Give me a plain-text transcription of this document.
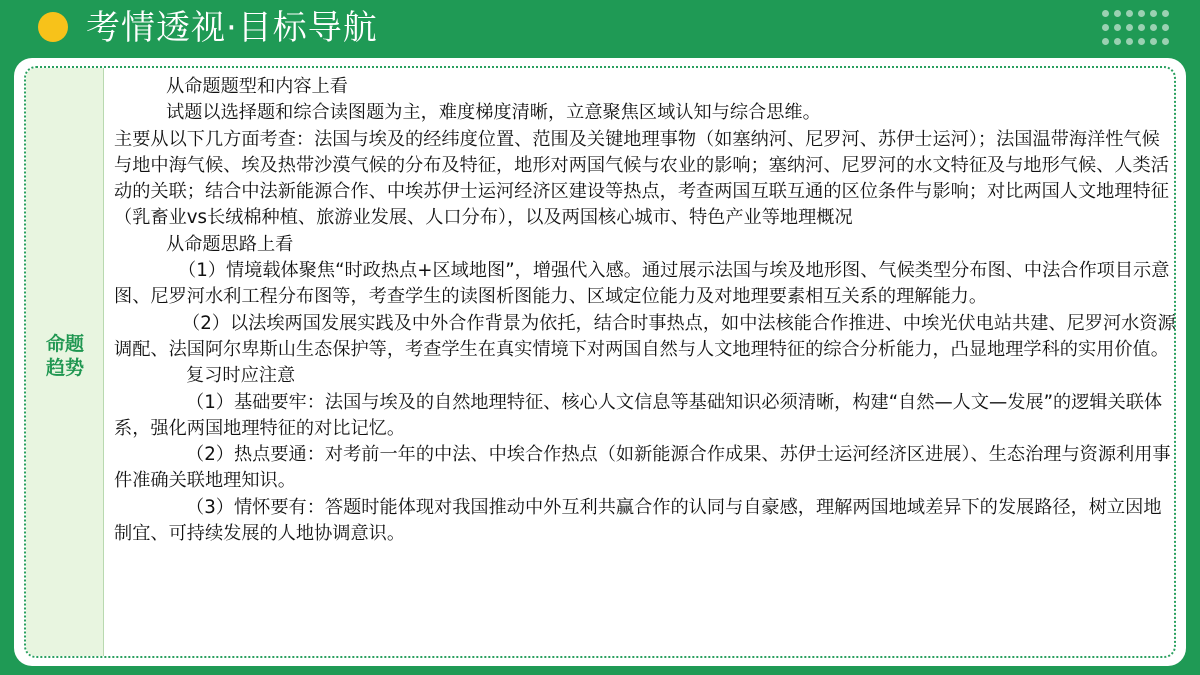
考情透视·目标导航
命题
趋势

从命题题型和内容上看

试题以选择题和综合读图题为主，难度梯度清晰，立意聚焦区域认知与综合思维。

主要从以下几方面考查：法国与埃及的经纬度位置、范围及关键地理事物（如塞纳河、尼罗河、苏伊士运河）；法国温带海洋性气候与地中海气候、埃及热带沙漠气候的分布及特征，地形对两国气候与农业的影响；塞纳河、尼罗河的水文特征及与地形气候、人类活动的关联；结合中法新能源合作、中埃苏伊士运河经济区建设等热点，考查两国互联互通的区位条件与影响；对比两国人文地理特征（乳畜业vs长绒棉种植、旅游业发展、人口分布），以及两国核心城市、特色产业等地理概况

从命题思路上看

（1）情境载体聚焦“时政热点+区域地图”，增强代入感。通过展示法国与埃及地形图、气候类型分布图、中法合作项目示意图、尼罗河水利工程分布图等，考查学生的读图析图能力、区域定位能力及对地理要素相互关系的理解能力。

（2）以法埃两国发展实践及中外合作背景为依托，结合时事热点，如中法核能合作推进、中埃光伏电站共建、尼罗河水资源调配、法国阿尔卑斯山生态保护等，考查学生在真实情境下对两国自然与人文地理特征的综合分析能力，凸显地理学科的实用价值。

复习时应注意

（1）基础要牢：法国与埃及的自然地理特征、核心人文信息等基础知识必须清晰，构建“自然—人文—发展”的逻辑关联体系，强化两国地理特征的对比记忆。

（2）热点要通：对考前一年的中法、中埃合作热点（如新能源合作成果、苏伊士运河经济区进展）、生态治理与资源利用事件准确关联地理知识。

（3）情怀要有：答题时能体现对我国推动中外互利共赢合作的认同与自豪感，理解两国地域差异下的发展路径，树立因地制宜、可持续发展的人地协调意识。
